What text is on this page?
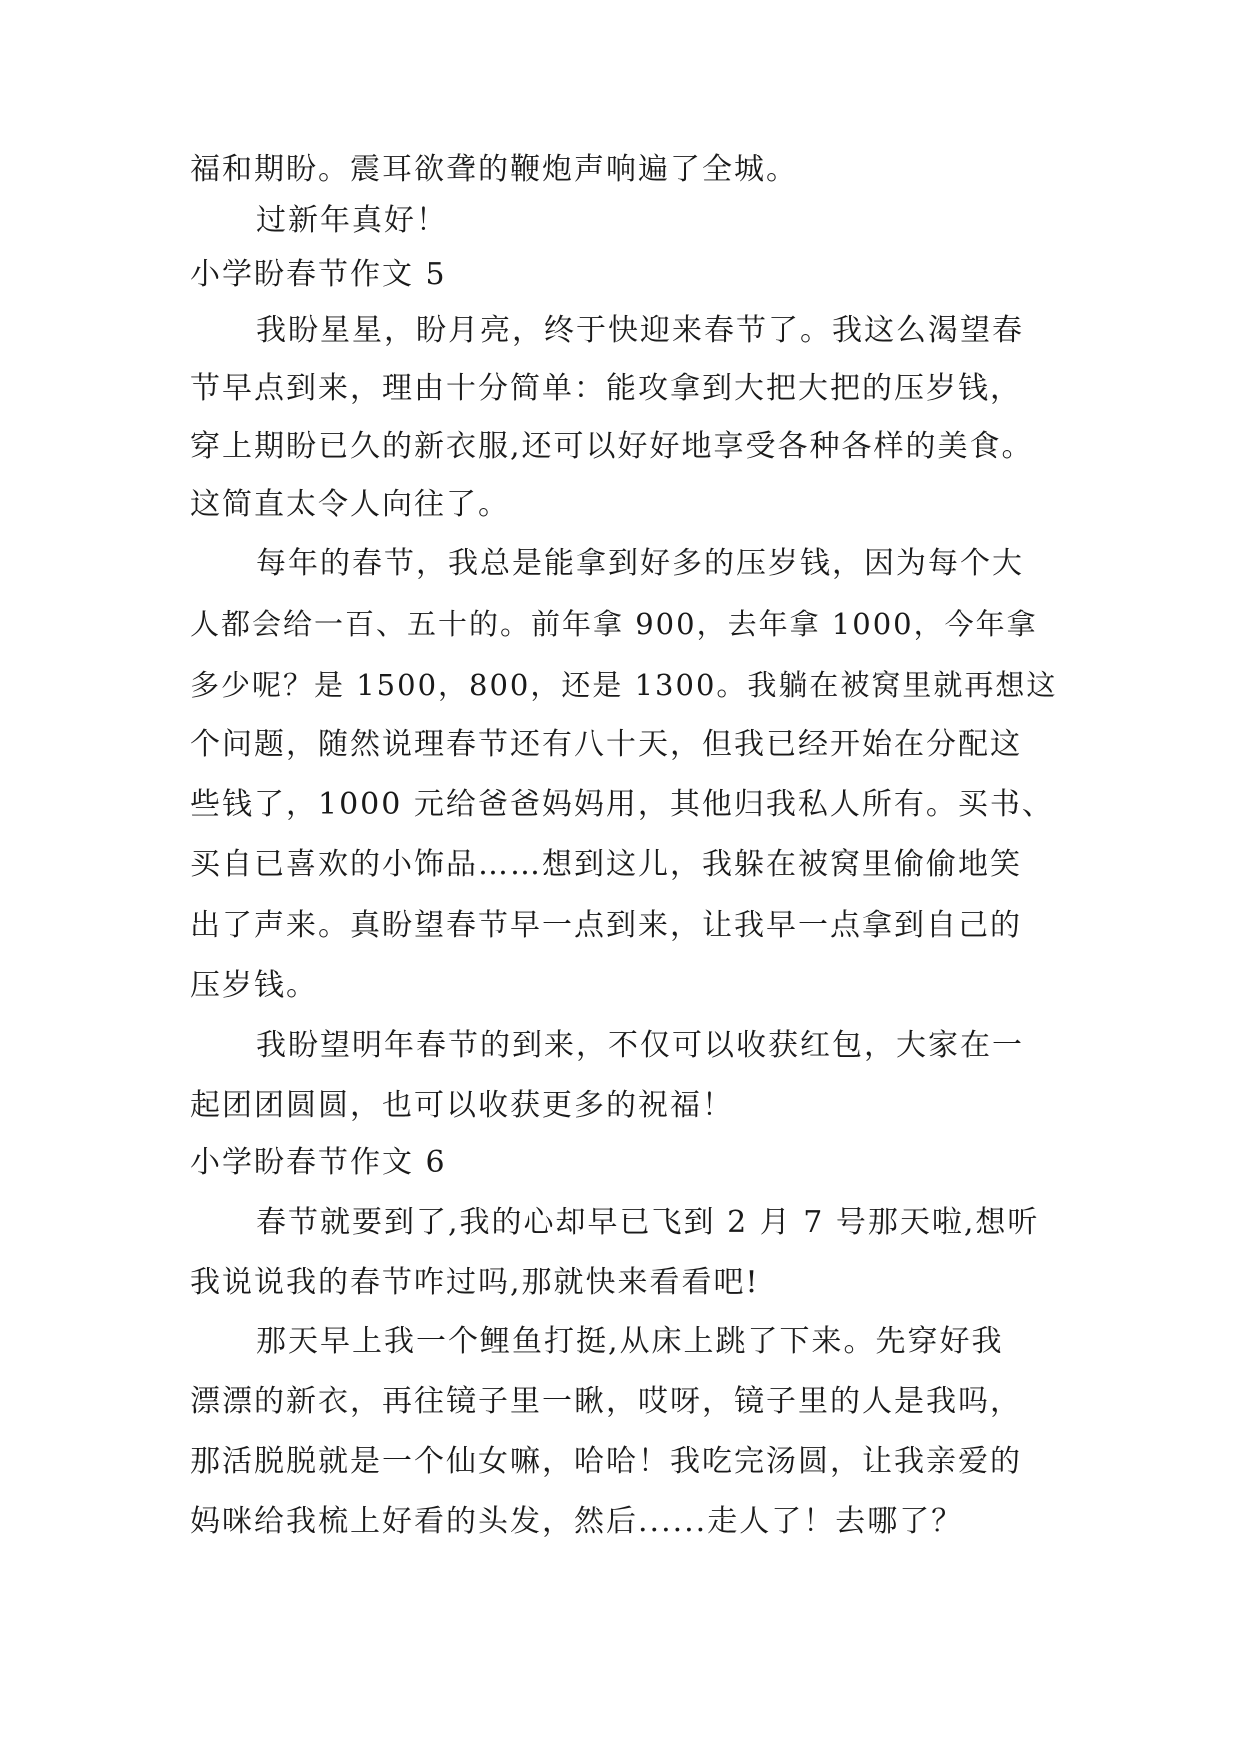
福和期盼。震耳欲聋的鞭炮声响遍了全城。

过新年真好！

小学盼春节作文 5

我盼星星，盼月亮，终于快迎来春节了。我这么渴望春

节早点到来，理由十分简单：能攻拿到大把大把的压岁钱，

穿上期盼已久的新衣服,还可以好好地享受各种各样的美食。

这简直太令人向往了。

每年的春节，我总是能拿到好多的压岁钱，因为每个大

人都会给一百、五十的。前年拿 900，去年拿 1000，今年拿

多少呢？是 1500，800，还是 1300。我躺在被窝里就再想这

个问题，随然说理春节还有八十天，但我已经开始在分配这

些钱了，1000 元给爸爸妈妈用，其他归我私人所有。买书、

买自已喜欢的小饰品……想到这儿，我躲在被窝里偷偷地笑

出了声来。真盼望春节早一点到来，让我早一点拿到自己的

压岁钱。

我盼望明年春节的到来，不仅可以收获红包，大家在一

起团团圆圆，也可以收获更多的祝福！

小学盼春节作文 6

春节就要到了,我的心却早已飞到 2 月 7 号那天啦,想听

我说说我的春节咋过吗,那就快来看看吧!

那天早上我一个鲤鱼打挺,从床上跳了下来。先穿好我

漂漂的新衣，再往镜子里一瞅，哎呀，镜子里的人是我吗，

那活脱脱就是一个仙女嘛，哈哈！我吃完汤圆，让我亲爱的

妈咪给我梳上好看的头发，然后......走人了！去哪了？
